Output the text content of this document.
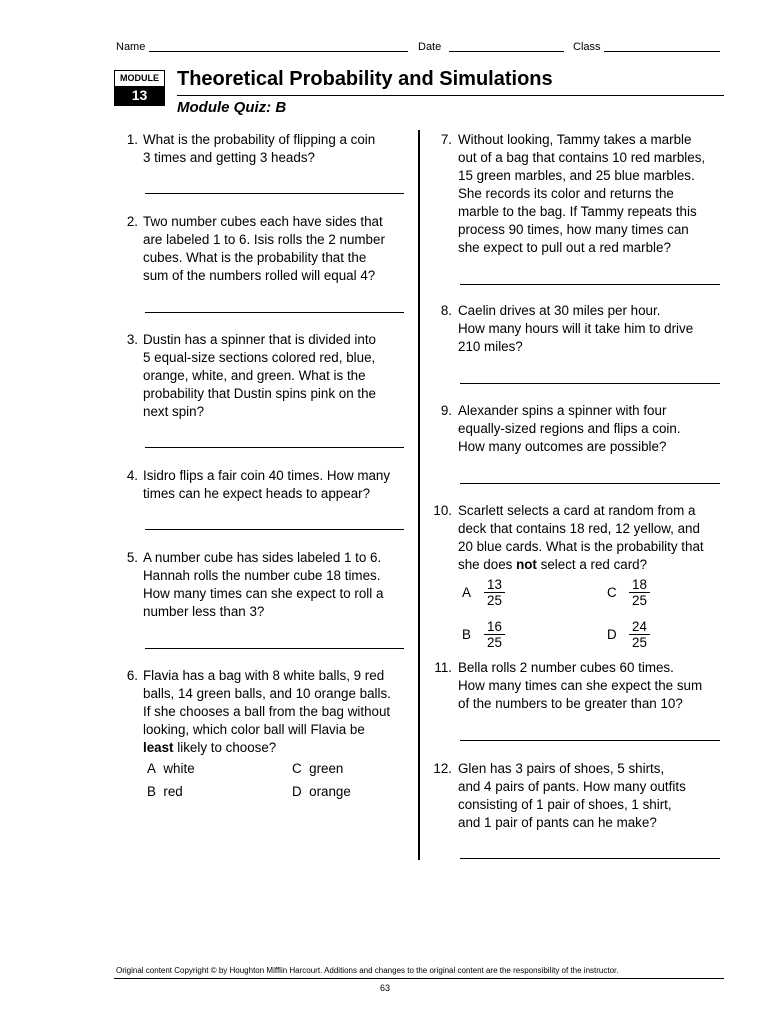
Name	Date	Class
MODULE
13
Theoretical Probability and Simulations
Module Quiz: B
1. What is the probability of flipping a coin
3 times and getting 3 heads?
2. Two number cubes each have sides that
are labeled 1 to 6. Isis rolls the 2 number
cubes. What is the probability that the
sum of the numbers rolled will equal 4?
3. Dustin has a spinner that is divided into
5 equal-size sections colored red, blue,
orange, white, and green. What is the
probability that Dustin spins pink on the
next spin?
4. Isidro flips a fair coin 40 times. How many
times can he expect heads to appear?
5. A number cube has sides labeled 1 to 6.
Hannah rolls the number cube 18 times.
How many times can she expect to roll a
number less than 3?
6. Flavia has a bag with 8 white balls, 9 red
balls, 14 green balls, and 10 orange balls.
If she chooses a ball from the bag without
looking, which color ball will Flavia be
least likely to choose?
A white	C green
B red	D orange
7. Without looking, Tammy takes a marble
out of a bag that contains 10 red marbles,
15 green marbles, and 25 blue marbles.
She records its color and returns the
marble to the bag. If Tammy repeats this
process 90 times, how many times can
she expect to pull out a red marble?
8. Caelin drives at 30 miles per hour.
How many hours will it take him to drive
210 miles?
9. Alexander spins a spinner with four
equally-sized regions and flips a coin.
How many outcomes are possible?
10. Scarlett selects a card at random from a
deck that contains 18 red, 12 yellow, and
20 blue cards. What is the probability that
she does not select a red card?
A $\frac{13}{25}$	C $\frac{18}{25}$
B $\frac{16}{25}$	D $\frac{24}{25}$
11. Bella rolls 2 number cubes 60 times.
How many times can she expect the sum
of the numbers to be greater than 10?
12. Glen has 3 pairs of shoes, 5 shirts,
and 4 pairs of pants. How many outfits
consisting of 1 pair of shoes, 1 shirt,
and 1 pair of pants can he make?
Original content Copyright © by Houghton Mifflin Harcourt. Additions and changes to the original content are the responsibility of the instructor.
63
